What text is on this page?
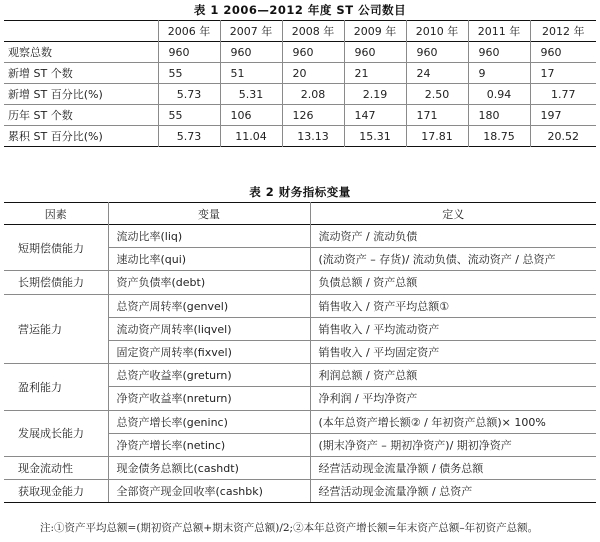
表 1 2006—2012 年度 ST 公司数目
	2006 年	2007 年	2008 年	2009 年	2010 年	2011 年	2012 年
观察总数	960	960	960	960	960	960	960
新增 ST 个数	55	51	20	21	24	9	17
新增 ST 百分比(%)	5.73	5.31	2.08	2.19	2.50	0.94	1.77
历年 ST 个数	55	106	126	147	171	180	197
累积 ST 百分比(%)	5.73	11.04	13.13	15.31	17.81	18.75	20.52
表 2 财务指标变量
因素	变量	定义
短期偿债能力	流动比率(liq)	流动资产 / 流动负债
	速动比率(qui)	(流动资产 – 存货)/ 流动负债、流动资产 / 总资产
长期偿债能力	资产负债率(debt)	负债总额 / 资产总额
营运能力	总资产周转率(genvel)	销售收入 / 资产平均总额①
	流动资产周转率(liqvel)	销售收入 / 平均流动资产
	固定资产周转率(fixvel)	销售收入 / 平均固定资产
盈利能力	总资产收益率(greturn)	利润总额 / 资产总额
	净资产收益率(nreturn)	净利润 / 平均净资产
发展成长能力	总资产增长率(geninc)	(本年总资产增长额② / 年初资产总额)× 100%
	净资产增长率(netinc)	(期末净资产 – 期初净资产)/ 期初净资产
现金流动性	现金债务总额比(cashdt)	经营活动现金流量净额 / 债务总额
获取现金能力	全部资产现金回收率(cashbk)	经营活动现金流量净额 / 总资产
注:①资产平均总额=(期初资产总额+期末资产总额)/2;②本年总资产增长额=年末资产总额–年初资产总额。
